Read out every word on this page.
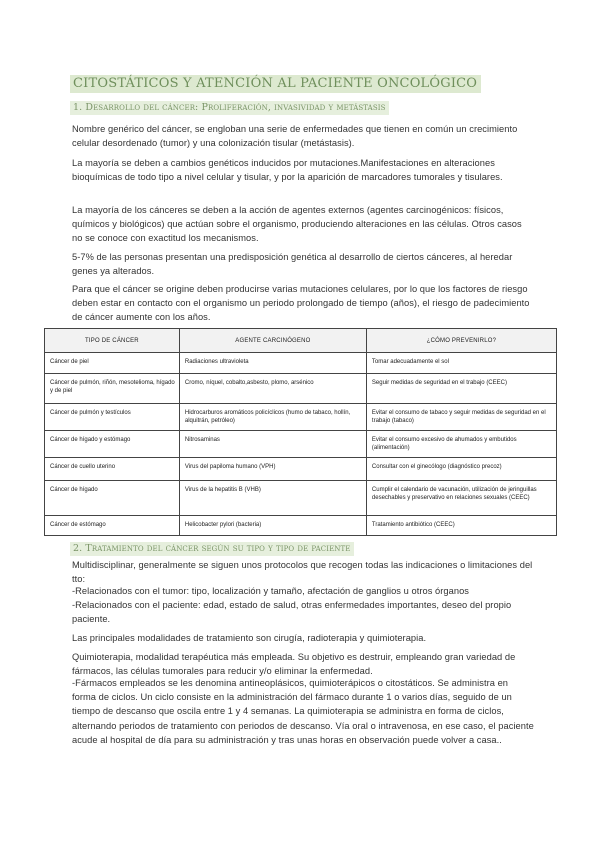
CITOSTÁTICOS Y ATENCIÓN AL PACIENTE ONCOLÓGICO
1. Desarrollo del cáncer: Proliferación, invasividad y metástasis
Nombre genérico del cáncer, se engloban una serie de enfermedades que tienen en común un crecimiento celular desordenado (tumor) y una colonización tisular (metástasis).
La mayoría se deben a cambios genéticos inducidos por mutaciones.Manifestaciones en alteraciones bioquímicas de todo tipo a nivel celular y tisular, y por la aparición de marcadores tumorales y tisulares.
La mayoría de los cánceres se deben a la acción de agentes externos (agentes carcinogénicos: físicos, químicos y biológicos) que actúan sobre el organismo, produciendo alteraciones en las células. Otros casos no se conoce con exactitud los mecanismos.
5-7% de las personas presentan una predisposición genética al desarrollo de ciertos cánceres, al heredar genes ya alterados.
Para que el cáncer se origine deben producirse varias mutaciones celulares, por lo que los factores de riesgo deben estar en contacto con el organismo un periodo prolongado de tiempo (años), el riesgo de padecimiento de cáncer aumente con los años.
TIPO DE CÁNCER	AGENTE CARCINÓGENO	¿CÓMO PREVENIRLO?
Cáncer de piel	Radiaciones ultravioleta	Tomar adecuadamente el sol
Cáncer de pulmón, riñón, mesotelioma, hígado y de piel	Cromo, níquel, cobalto,asbesto, plomo, arsénico	Seguir medidas de seguridad en el trabajo (CEEC)
Cáncer de pulmón y testículos	Hidrocarburos aromáticos policíclicos (humo de tabaco, hollín, alquitrán, petróleo)	Evitar el consumo de tabaco y seguir medidas de seguridad en el trabajo (tabaco)
Cáncer de hígado y estómago	Nitrosaminas	Evitar el consumo excesivo de ahumados y embutidos (alimentación)
Cáncer de cuello uterino	Virus del papiloma humano (VPH)	Consultar con el ginecólogo (diagnóstico precoz)
Cáncer de hígado	Virus de la hepatitis B (VHB)	Cumplir el calendario de vacunación, utilización de jeringuillas desechables y preservativo en relaciones sexuales (CEEC)
Cáncer de estómago	Helicobacter pylori (bacteria)	Tratamiento antibiótico (CEEC)
2. Tratamiento del cáncer según su tipo y tipo de paciente
Multidisciplinar, generalmente se siguen unos protocolos que recogen todas las indicaciones o limitaciones del tto:
-Relacionados con el tumor: tipo, localización y tamaño, afectación de ganglios u otros órganos
-Relacionados con el paciente: edad, estado de salud, otras enfermedades importantes, deseo del propio paciente.
Las principales modalidades de tratamiento son cirugía, radioterapia y quimioterapia.
Quimioterapia, modalidad terapéutica más empleada. Su objetivo es destruir, empleando gran variedad de fármacos, las células tumorales para reducir y/o eliminar la enfermedad.
-Fármacos empleados se les denomina antineoplásicos, quimioterápicos o citostáticos. Se administra en forma de ciclos. Un ciclo consiste en la administración del fármaco durante 1 o varios días, seguido de un tiempo de descanso que oscila entre 1 y 4 semanas. La quimioterapia se administra en forma de ciclos, alternando periodos de tratamiento con periodos de descanso. Vía oral o intravenosa, en ese caso, el paciente acude al hospital de día para su administración y tras unas horas en observación puede volver a casa..
